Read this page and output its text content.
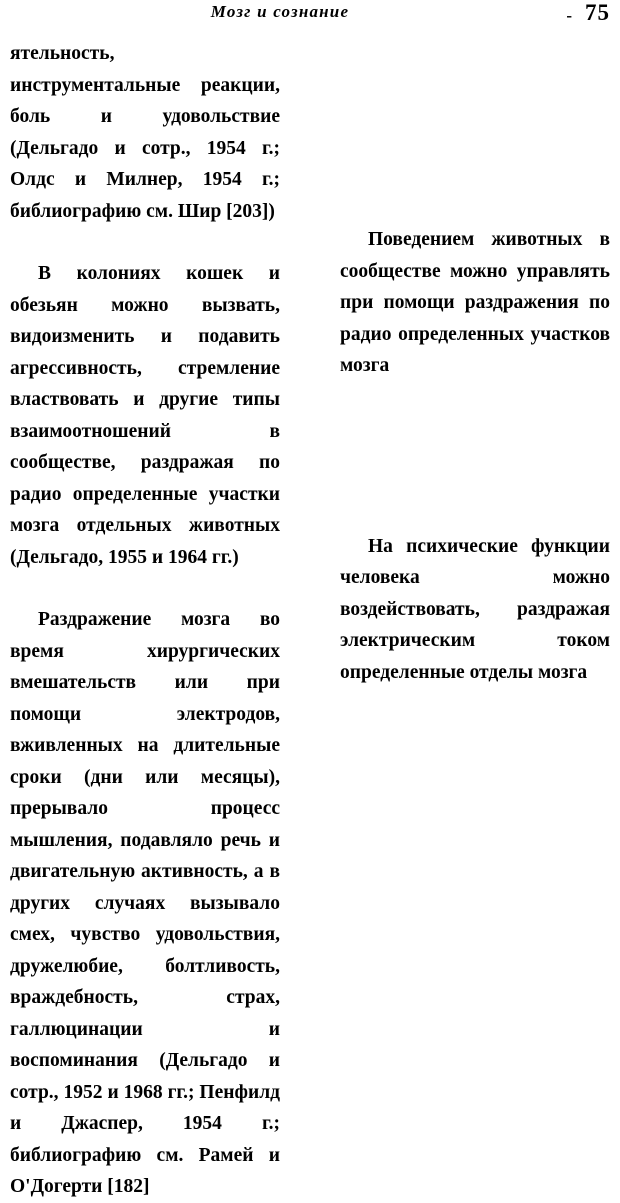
Мозг и сознание	- 75

ятельность, инструментальные реакции, боль и удовольствие (Дельгадо и сотр., 1954 г.; Олдс и Милнер, 1954 г.; библиографию см. Шир [203])

В колониях кошек и обезьян можно вызвать, видоизменить и подавить агрессивность, стремление властвовать и другие типы взаимоотношений в сообществе, раздражая по радио определенные участки мозга отдельных животных (Дельгадо, 1955 и 1964 гг.)

Раздражение мозга во время хирургических вмешательств или при помощи электродов, вживленных на длительные сроки (дни или месяцы), прерывало процесс мышления, подавляло речь и двигательную активность, а в других случаях вызывало смех, чувство удовольствия, дружелюбие, болтливость, враждебность, страх, галлюцинации и воспоминания (Дельгадо и сотр., 1952 и 1968 гг.; Пенфилд и Джаспер, 1954 г.; библиографию см. Рамей и О'Догерти [182]

Поведением животных в сообществе можно управлять при помощи раздражения по радио определенных участков мозга

На психические функции человека можно воздействовать, раздражая электрическим током определенные отделы мозга
